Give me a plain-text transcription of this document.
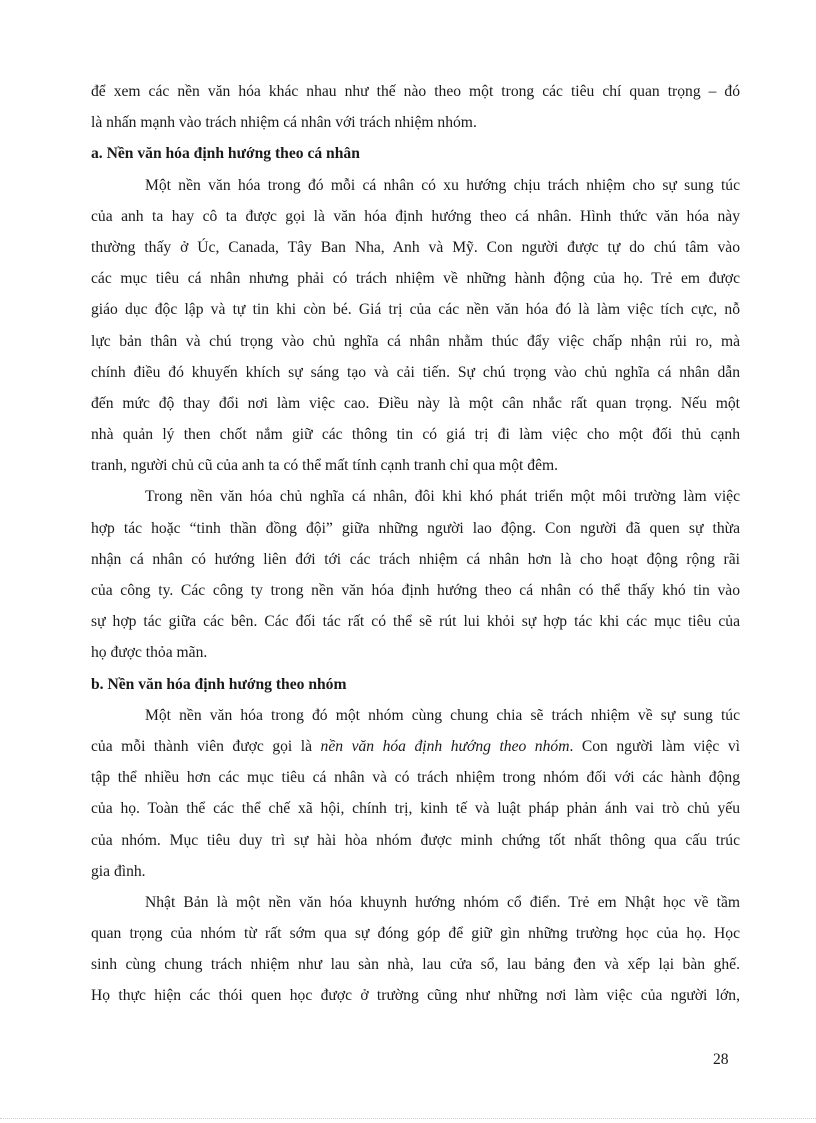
để xem các nền văn hóa khác nhau như thế nào theo một trong các tiêu chí quan trọng – đó
là nhấn mạnh vào trách nhiệm cá nhân với trách nhiệm nhóm.
a. Nền văn hóa định hướng theo cá nhân
Một nền văn hóa trong đó mỗi cá nhân có xu hướng chịu trách nhiệm cho sự sung túc
của anh ta hay cô ta được gọi là văn hóa định hướng theo cá nhân. Hình thức văn hóa này
thường thấy ở Úc, Canada, Tây Ban Nha, Anh và Mỹ. Con người được tự do chú tâm vào
các mục tiêu cá nhân nhưng phải có trách nhiệm về những hành động của họ. Trẻ em được
giáo dục độc lập và tự tin khi còn bé. Giá trị của các nền văn hóa đó là làm việc tích cực, nỗ
lực bản thân và chú trọng vào chủ nghĩa cá nhân nhằm thúc đẩy việc chấp nhận rủi ro, mà
chính điều đó khuyến khích sự sáng tạo và cải tiến. Sự chú trọng vào chủ nghĩa cá nhân dẫn
đến mức độ thay đổi nơi làm việc cao. Điều này là một cân nhắc rất quan trọng. Nếu một
nhà quản lý then chốt nắm giữ các thông tin có giá trị đi làm việc cho một đối thủ cạnh
tranh, người chủ cũ của anh ta có thể mất tính cạnh tranh chỉ qua một đêm.
Trong nền văn hóa chủ nghĩa cá nhân, đôi khi khó phát triển một môi trường làm việc
hợp tác hoặc “tinh thần đồng đội” giữa những người lao động. Con người đã quen sự thừa
nhận cá nhân có hướng liên đới tới các trách nhiệm cá nhân hơn là cho hoạt động rộng rãi
của công ty. Các công ty trong nền văn hóa định hướng theo cá nhân có thể thấy khó tin vào
sự hợp tác giữa các bên. Các đối tác rất có thể sẽ rút lui khỏi sự hợp tác khi các mục tiêu của
họ được thỏa mãn.
b. Nền văn hóa định hướng theo nhóm
Một nền văn hóa trong đó một nhóm cùng chung chia sẽ trách nhiệm về sự sung túc
của mỗi thành viên được gọi là nền văn hóa định hướng theo nhóm. Con người làm việc vì
tập thể nhiều hơn các mục tiêu cá nhân và có trách nhiệm trong nhóm đối với các hành động
của họ. Toàn thể các thể chế xã hội, chính trị, kinh tế và luật pháp phản ánh vai trò chủ yếu
của nhóm. Mục tiêu duy trì sự hài hòa nhóm được minh chứng tốt nhất thông qua cấu trúc
gia đình.
Nhật Bản là một nền văn hóa khuynh hướng nhóm cổ điển. Trẻ em Nhật học về tầm
quan trọng của nhóm từ rất sớm qua sự đóng góp để giữ gìn những trường học của họ. Học
sinh cùng chung trách nhiệm như lau sàn nhà, lau cửa sổ, lau bảng đen và xếp lại bàn ghế.
Họ thực hiện các thói quen học được ở trường cũng như những nơi làm việc của người lớn,
28
